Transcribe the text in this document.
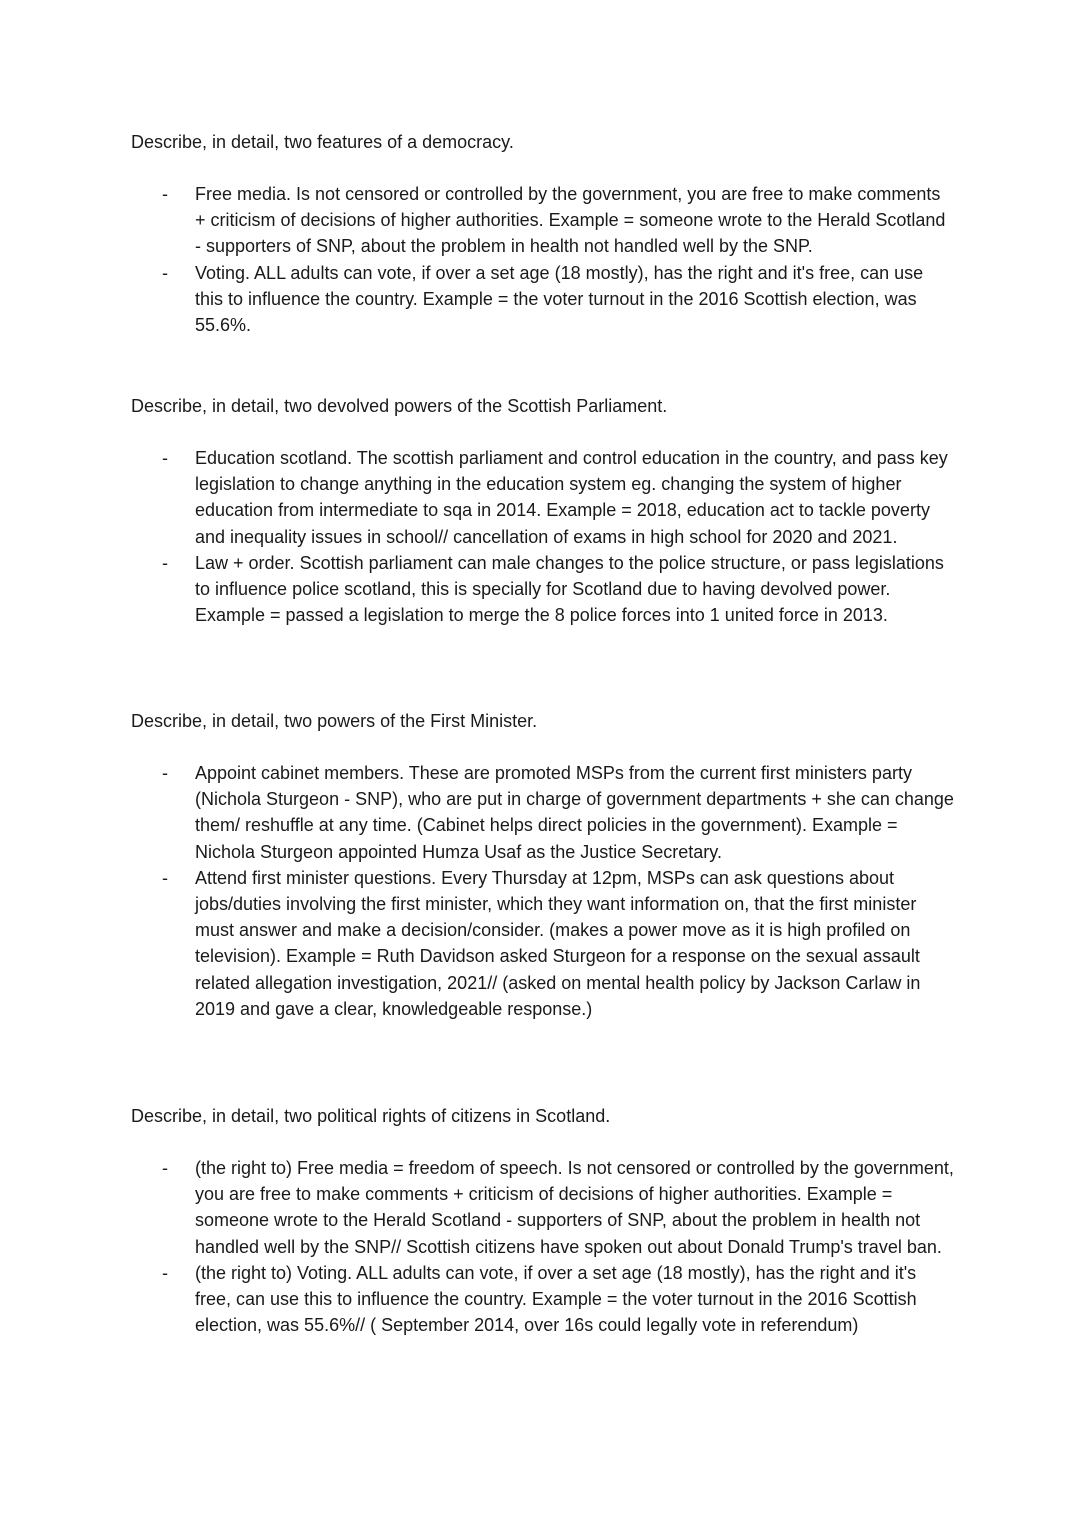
Describe, in detail, two features of a democracy.

- Free media. Is not censored or controlled by the government, you are free to make comments + criticism of decisions of higher authorities. Example = someone wrote to the Herald Scotland - supporters of SNP, about the problem in health not handled well by the SNP.
- Voting. ALL adults can vote, if over a set age (18 mostly), has the right and it's free, can use this to influence the country. Example = the voter turnout in the 2016 Scottish election, was 55.6%.

Describe, in detail, two devolved powers of the Scottish Parliament.

- Education scotland. The scottish parliament and control education in the country, and pass key legislation to change anything in the education system eg. changing the system of higher education from intermediate to sqa in 2014. Example = 2018, education act to tackle poverty and inequality issues in school// cancellation of exams in high school for 2020 and 2021.
- Law + order. Scottish parliament can male changes to the police structure, or pass legislations to influence police scotland, this is specially for Scotland due to having devolved power. Example = passed a legislation to merge the 8 police forces into 1 united force in 2013.

Describe, in detail, two powers of the First Minister.

- Appoint cabinet members. These are promoted MSPs from the current first ministers party (Nichola Sturgeon - SNP), who are put in charge of government departments + she can change them/ reshuffle at any time. (Cabinet helps direct policies in the government). Example = Nichola Sturgeon appointed Humza Usaf as the Justice Secretary.
- Attend first minister questions. Every Thursday at 12pm, MSPs can ask questions about jobs/duties involving the first minister, which they want information on, that the first minister must answer and make a decision/consider. (makes a power move as it is high profiled on television). Example = Ruth Davidson asked Sturgeon for a response on the sexual assault related allegation investigation, 2021// (asked on mental health policy by Jackson Carlaw in 2019 and gave a clear, knowledgeable response.)

Describe, in detail, two political rights of citizens in Scotland.

- (the right to) Free media = freedom of speech. Is not censored or controlled by the government, you are free to make comments + criticism of decisions of higher authorities. Example = someone wrote to the Herald Scotland - supporters of SNP, about the problem in health not handled well by the SNP// Scottish citizens have spoken out about Donald Trump's travel ban.
- (the right to) Voting. ALL adults can vote, if over a set age (18 mostly), has the right and it's free, can use this to influence the country. Example = the voter turnout in the 2016 Scottish election, was 55.6%// ( September 2014, over 16s could legally vote in referendum)
